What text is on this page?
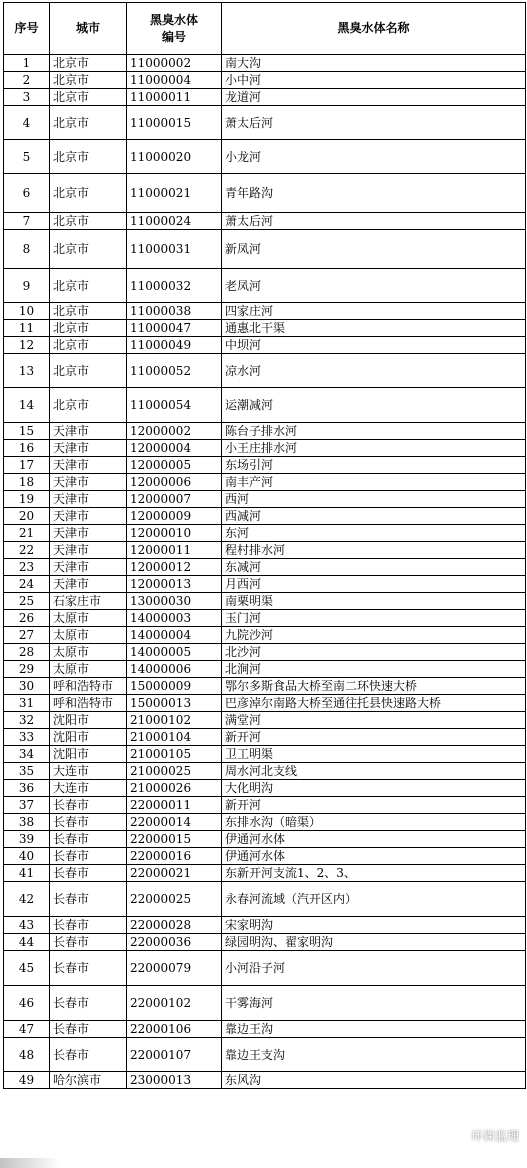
序号	城市	黑臭水体编号	黑臭水体名称
1	北京市	11000002	南大沟
2	北京市	11000004	小中河
3	北京市	11000011	龙道河
4	北京市	11000015	萧太后河
5	北京市	11000020	小龙河
6	北京市	11000021	青年路沟
7	北京市	11000024	萧太后河
8	北京市	11000031	新凤河
9	北京市	11000032	老凤河
10	北京市	11000038	四家庄河
11	北京市	11000047	通惠北干渠
12	北京市	11000049	中坝河
13	北京市	11000052	凉水河
14	北京市	11000054	运潮减河
15	天津市	12000002	陈台子排水河
16	天津市	12000004	小王庄排水河
17	天津市	12000005	东场引河
18	天津市	12000006	南丰产河
19	天津市	12000007	西河
20	天津市	12000009	西减河
21	天津市	12000010	东河
22	天津市	12000011	程村排水河
23	天津市	12000012	东减河
24	天津市	12000013	月西河
25	石家庄市	13000030	南栗明渠
26	太原市	14000003	玉门河
27	太原市	14000004	九院沙河
28	太原市	14000005	北沙河
29	太原市	14000006	北涧河
30	呼和浩特市	15000009	鄂尔多斯食品大桥至南二环快速大桥
31	呼和浩特市	15000013	巴彦淖尔南路大桥至通往托县快速路大桥
32	沈阳市	21000102	满堂河
33	沈阳市	21000104	新开河
34	沈阳市	21000105	卫工明渠
35	大连市	21000025	周水河北支线
36	大连市	21000026	大化明沟
37	长春市	22000011	新开河
38	长春市	22000014	东排水沟（暗渠）
39	长春市	22000015	伊通河水体
40	长春市	22000016	伊通河水体
41	长春市	22000021	东新开河支流1、2、3、
42	长春市	22000025	永春河流域（汽开区内）
43	长春市	22000028	宋家明沟
44	长春市	22000036	绿园明沟、翟家明沟
45	长春市	22000079	小河沿子河
46	长春市	22000102	干雾海河
47	长春市	22000106	靠边王沟
48	长春市	22000107	靠边王支沟
49	哈尔滨市	23000013	东风沟
环保监理
